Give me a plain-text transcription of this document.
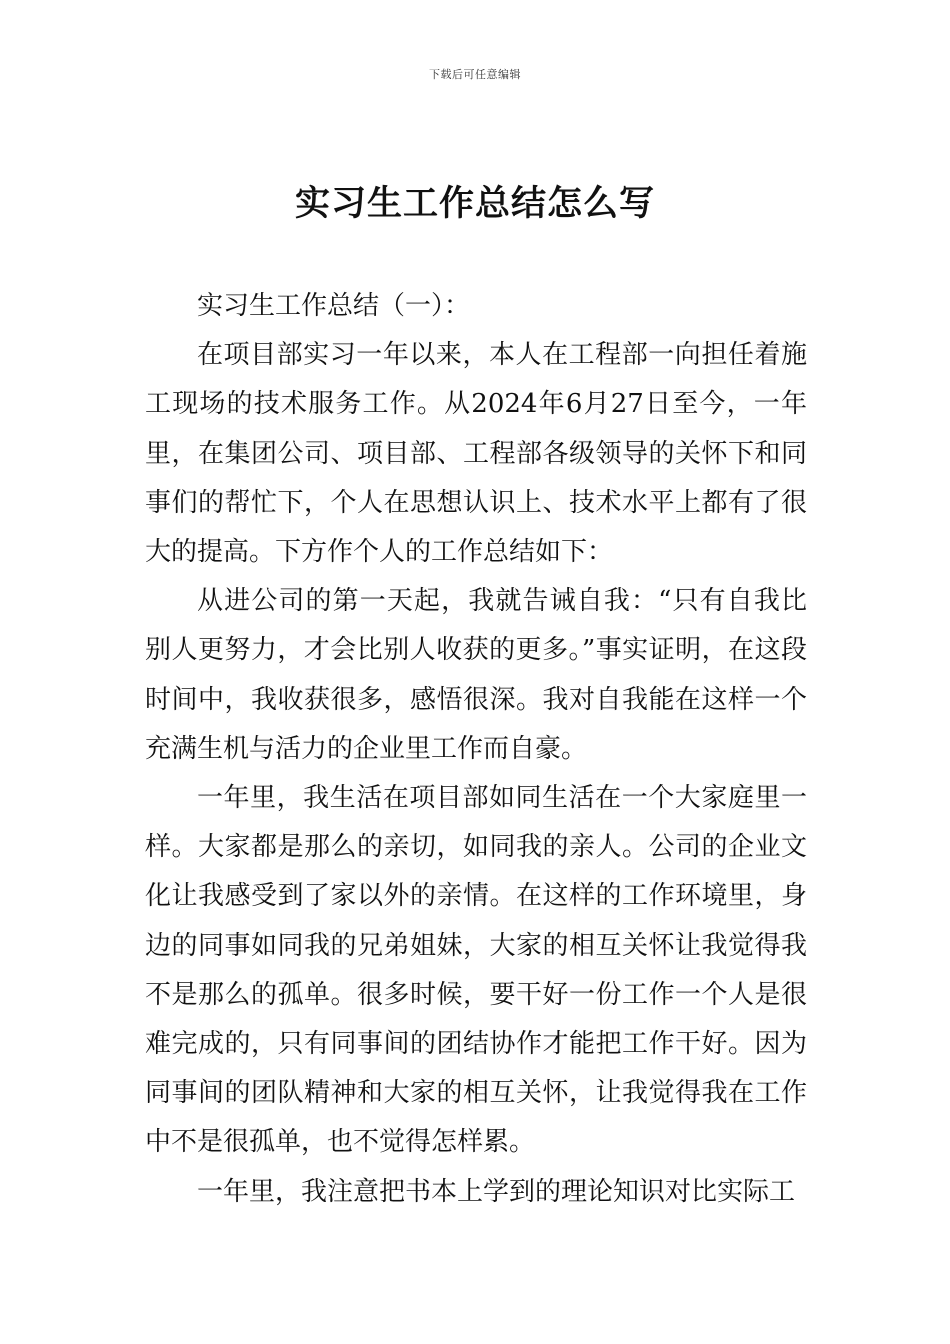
下载后可任意编辑
实习生工作总结怎么写

实习生工作总结（一）：

在项目部实习一年以来，本人在工程部一向担任着施工现场的技术服务工作。从2024年6月27日至今，一年里，在集团公司、项目部、工程部各级领导的关怀下和同事们的帮忙下，个人在思想认识上、技术水平上都有了很大的提高。下方作个人的工作总结如下：

从进公司的第一天起，我就告诫自我：“只有自我比别人更努力，才会比别人收获的更多。”事实证明，在这段时间中，我收获很多，感悟很深。我对自我能在这样一个充满生机与活力的企业里工作而自豪。

一年里，我生活在项目部如同生活在一个大家庭里一样。大家都是那么的亲切，如同我的亲人。公司的企业文化让我感受到了家以外的亲情。在这样的工作环境里，身边的同事如同我的兄弟姐妹，大家的相互关怀让我觉得我不是那么的孤单。很多时候，要干好一份工作一个人是很难完成的，只有同事间的团结协作才能把工作干好。因为同事间的团队精神和大家的相互关怀，让我觉得我在工作中不是很孤单，也不觉得怎样累。

一年里，我注意把书本上学到的理论知识对比实际工
